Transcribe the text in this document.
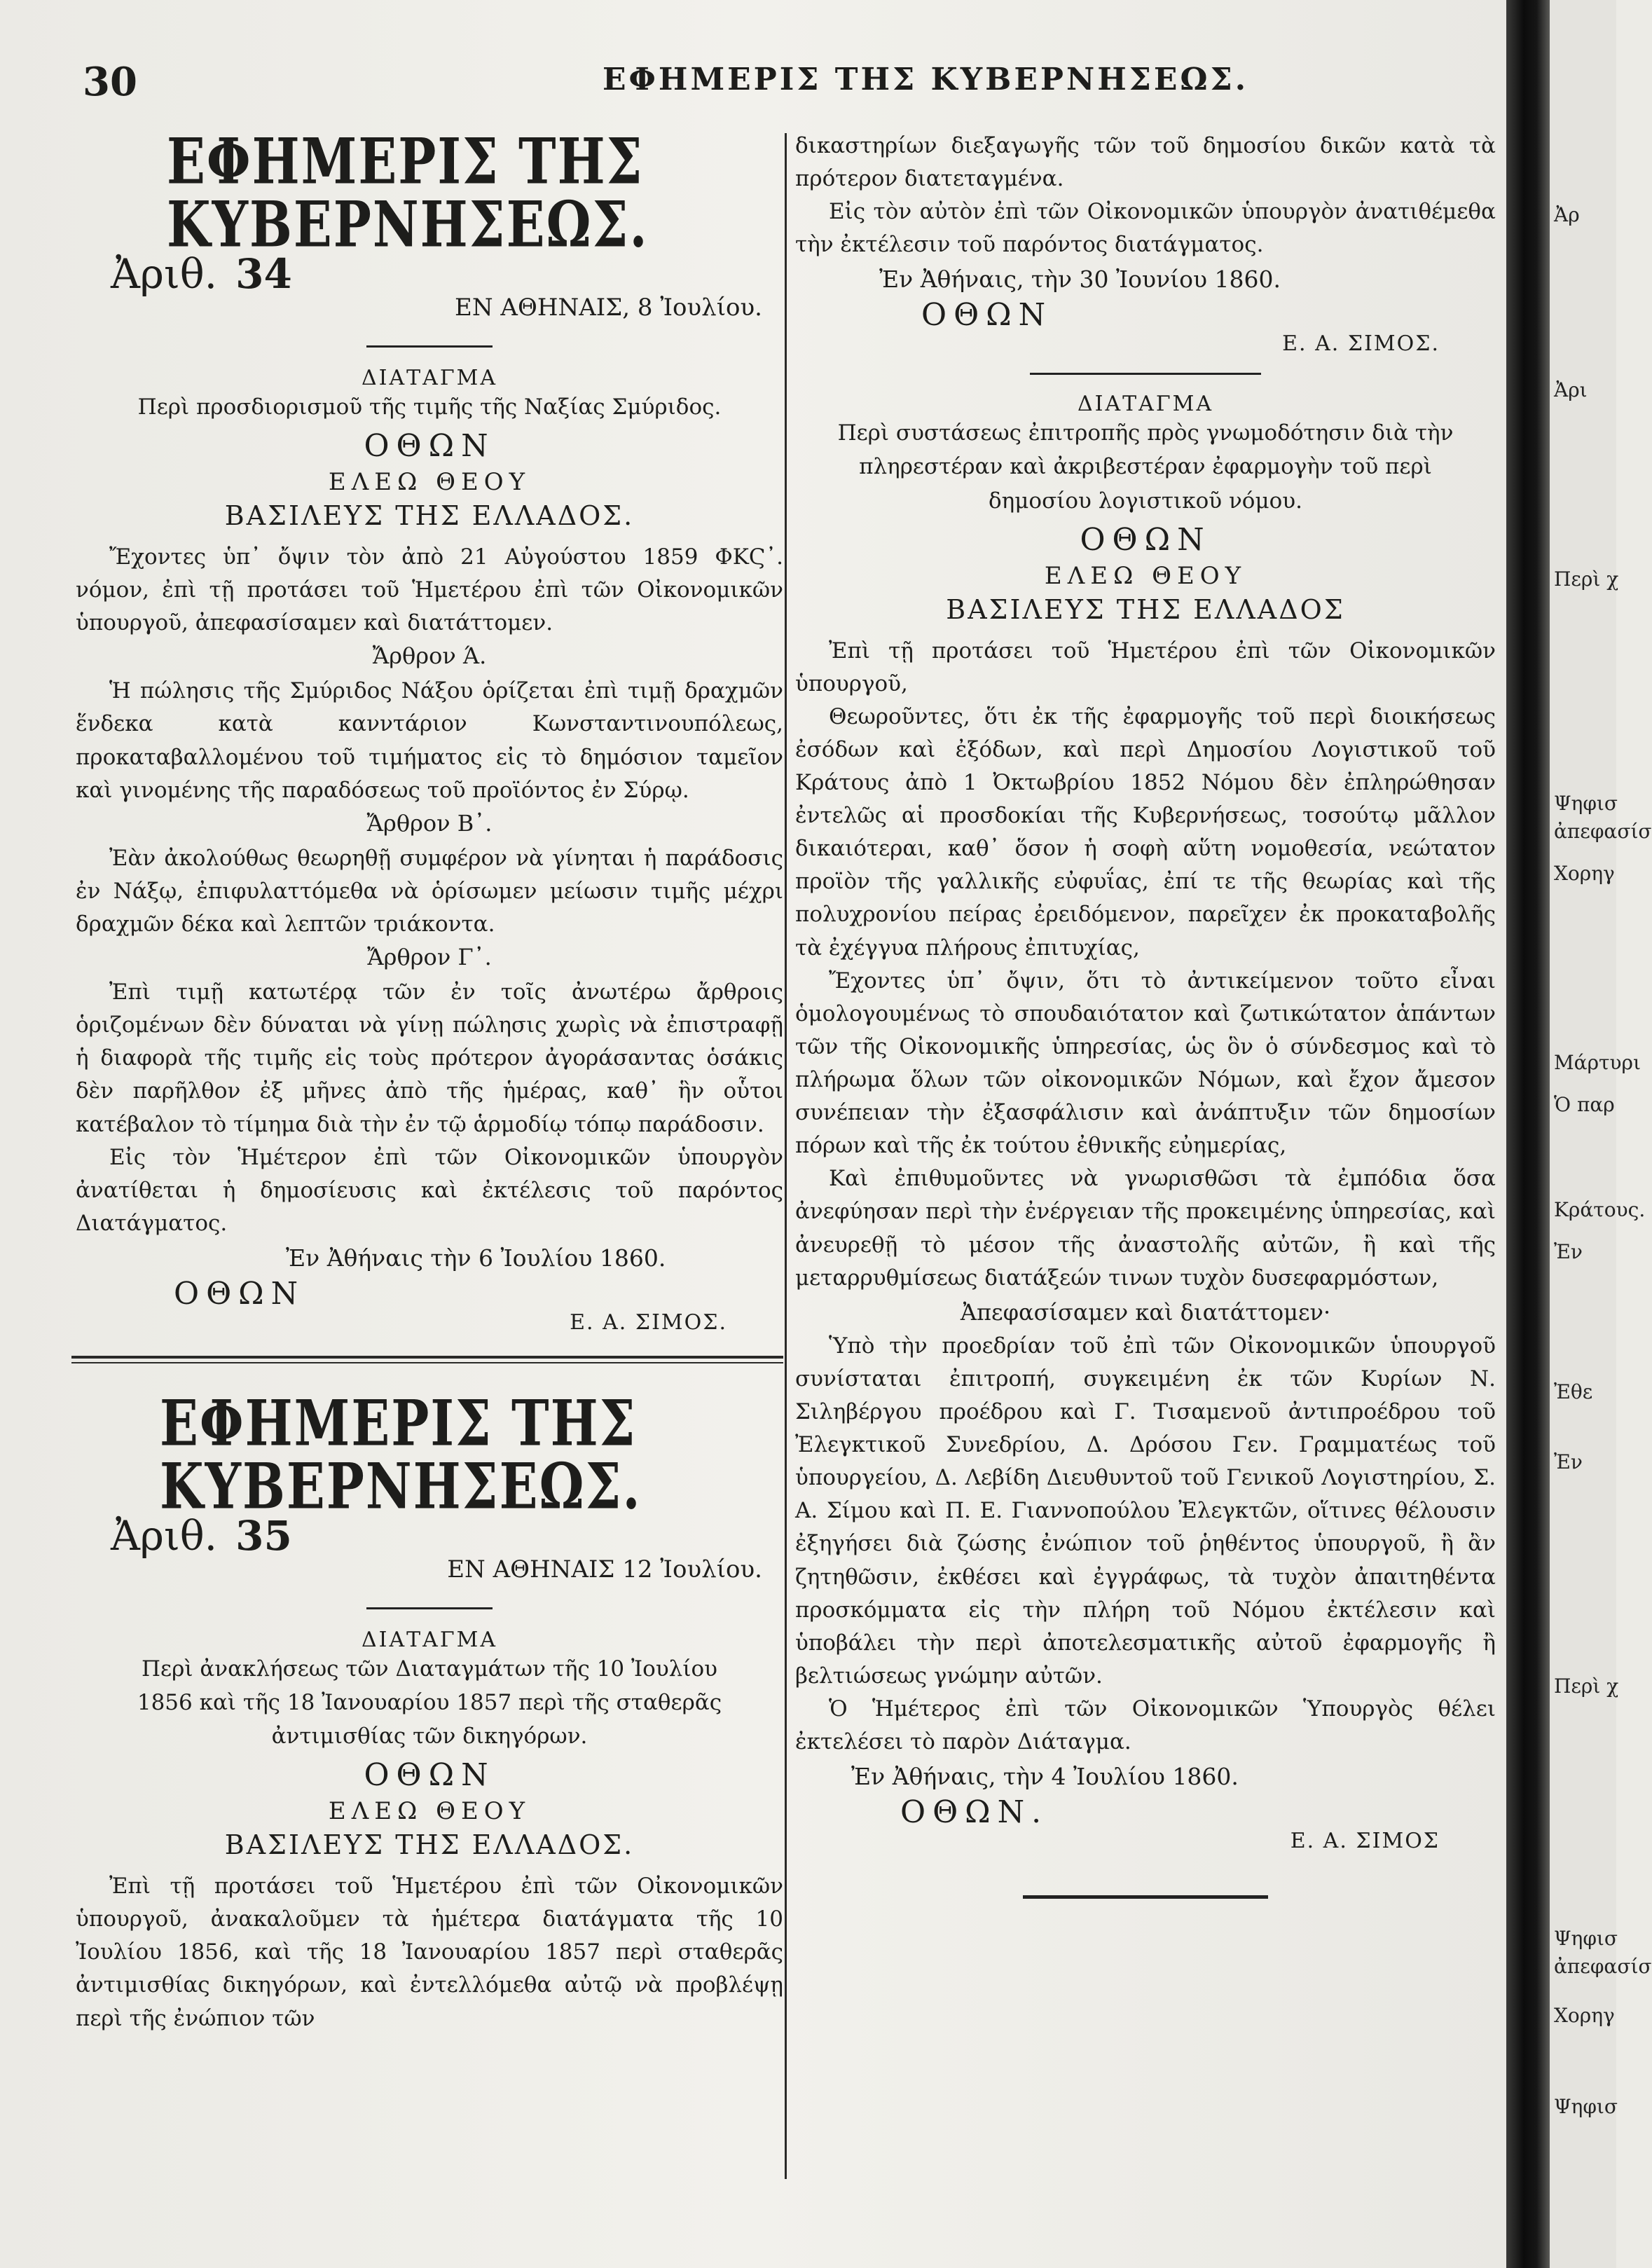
Ἀρ
Ἀρι
Περὶ χ
Ψηφισ
ἀπεφασίσ
Χορηγ
Μάρτυρι
Ὁ παρ
Κράτους.
Ἐν
Ἐθε
Ἐν
Περὶ χ
Ψηφισ
ἀπεφασίσ
Χορηγ
Ψηφισ
30	ΕΦΗΜΕΡΙΣ ΤΗΣ ΚΥΒΕΡΝΗΣΕΩΣ.
ΕΦΗΜΕΡΙΣ ΤΗΣ ΚΥΒΕΡΝΗΣΕΩΣ.
Ἀριθ. 34
ΕΝ ΑΘΗΝΑΙΣ, 8 Ἰουλίου.
ΔΙΑΤΑΓΜΑ
Περὶ προσδιορισμοῦ τῆς τιμῆς τῆς Ναξίας Σμύριδος.
ΟΘΩΝ
ΕΛΕΩ ΘΕΟΥ
ΒΑΣΙΛΕΥΣ ΤΗΣ ΕΛΛΑΔΟΣ.

Ἔχοντες ὑπ᾽ ὄψιν τὸν ἀπὸ 21 Αὐγούστου 1859 ΦΚϚ᾽. νόμον, ἐπὶ τῇ προτάσει τοῦ Ἡμετέρου ἐπὶ τῶν Οἰκονομικῶν ὑπουργοῦ, ἀπεφασίσαμεν καὶ διατάττομεν.

Ἄρθρον Ά.

Ἡ πώλησις τῆς Σμύριδος Νάξου ὁρίζεται ἐπὶ τιμῇ δραχμῶν ἕνδεκα κατὰ κανντάριον Κωνσταντινουπόλεως, προκαταβαλλομένου τοῦ τιμήματος εἰς τὸ δημόσιον ταμεῖον καὶ γινομένης τῆς παραδόσεως τοῦ προϊόντος ἐν Σύρῳ.

Ἄρθρον Β᾽.

Ἐὰν ἀκολούθως θεωρηθῇ συμφέρον νὰ γίνηται ἡ παράδοσις ἐν Νάξῳ, ἐπιφυλαττόμεθα νὰ ὁρίσωμεν μείωσιν τιμῆς μέχρι δραχμῶν δέκα καὶ λεπτῶν τριάκοντα.

Ἄρθρον Γ᾽.

Ἐπὶ τιμῇ κατωτέρᾳ τῶν ἐν τοῖς ἀνωτέρω ἄρθροις ὁριζομένων δὲν δύναται νὰ γίνῃ πώλησις χωρὶς νὰ ἐπιστραφῇ ἡ διαφορὰ τῆς τιμῆς εἰς τοὺς πρότερον ἀγοράσαντας ὁσάκις δὲν παρῆλθον ἐξ μῆνες ἀπὸ τῆς ἡμέρας, καθ᾽ ἣν οὗτοι κατέβαλον τὸ τίμημα διὰ τὴν ἐν τῷ ἁρμοδίῳ τόπῳ παράδοσιν.

Εἰς τὸν Ἡμέτερον ἐπὶ τῶν Οἰκονομικῶν ὑπουργὸν ἀνατίθεται ἡ δημοσίευσις καὶ ἐκτέλεσις τοῦ παρόντος Διατάγματος.

Ἐν Ἀθήναις τὴν 6 Ἰουλίου 1860.
ΟΘΩΝ
Ε. Α. ΣΙΜΟΣ.
ΕΦΗΜΕΡΙΣ ΤΗΣ ΚΥΒΕΡΝΗΣΕΩΣ.
Ἀριθ. 35
ΕΝ ΑΘΗΝΑΙΣ 12 Ἰουλίου.
ΔΙΑΤΑΓΜΑ
Περὶ ἀνακλήσεως τῶν Διαταγμάτων τῆς 10 Ἰουλίου 1856 καὶ τῆς 18 Ἰανουαρίου 1857 περὶ τῆς σταθερᾶς ἀντιμισθίας τῶν δικηγόρων.
ΟΘΩΝ
ΕΛΕΩ ΘΕΟΥ
ΒΑΣΙΛΕΥΣ ΤΗΣ ΕΛΛΑΔΟΣ.

Ἐπὶ τῇ προτάσει τοῦ Ἡμετέρου ἐπὶ τῶν Οἰκονομικῶν ὑπουργοῦ, ἀνακαλοῦμεν τὰ ἡμέτερα διατάγματα τῆς 10 Ἰουλίου 1856, καὶ τῆς 18 Ἰανουαρίου 1857 περὶ σταθερᾶς ἀντιμισθίας δικηγόρων, καὶ ἐντελλόμεθα αὐτῷ νὰ προβλέψῃ περὶ τῆς ἐνώπιον τῶν

δικαστηρίων διεξαγωγῆς τῶν τοῦ δημοσίου δικῶν κατὰ τὰ πρότερον διατεταγμένα.

Εἰς τὸν αὐτὸν ἐπὶ τῶν Οἰκονομικῶν ὑπουργὸν ἀνατιθέμεθα τὴν ἐκτέλεσιν τοῦ παρόντος διατάγματος.

Ἐν Ἀθήναις, τὴν 30 Ἰουνίου 1860.
ΟΘΩΝ
Ε. Α. ΣΙΜΟΣ.
ΔΙΑΤΑΓΜΑ
Περὶ συστάσεως ἐπιτροπῆς πρὸς γνωμοδότησιν διὰ τὴν πληρεστέραν καὶ ἀκριβεστέραν ἐφαρμογὴν τοῦ περὶ δημοσίου λογιστικοῦ νόμου.
ΟΘΩΝ
ΕΛΕΩ ΘΕΟΥ
ΒΑΣΙΛΕΥΣ ΤΗΣ ΕΛΛΑΔΟΣ

Ἐπὶ τῇ προτάσει τοῦ Ἡμετέρου ἐπὶ τῶν Οἰκονομικῶν ὑπουργοῦ,

Θεωροῦντες, ὅτι ἐκ τῆς ἐφαρμογῆς τοῦ περὶ διοικήσεως ἐσόδων καὶ ἐξόδων, καὶ περὶ Δημοσίου Λογιστικοῦ τοῦ Κράτους ἀπὸ 1 Ὀκτωβρίου 1852 Νόμου δὲν ἐπληρώθησαν ἐντελῶς αἱ προσδοκίαι τῆς Κυβερνήσεως, τοσούτῳ μᾶλλον δικαιότεραι, καθ᾽ ὅσον ἡ σοφὴ αὕτη νομοθεσία, νεώτατον προϊὸν τῆς γαλλικῆς εὐφυΐας, ἐπί τε τῆς θεωρίας καὶ τῆς πολυχρονίου πείρας ἐρειδόμενον, παρεῖχεν ἐκ προκαταβολῆς τὰ ἐχέγγυα πλήρους ἐπιτυχίας,

Ἔχοντες ὑπ᾽ ὄψιν, ὅτι τὸ ἀντικείμενον τοῦτο εἶναι ὁμολογουμένως τὸ σπουδαιότατον καὶ ζωτικώτατον ἁπάντων τῶν τῆς Οἰκονομικῆς ὑπηρεσίας, ὡς ὃν ὁ σύνδεσμος καὶ τὸ πλήρωμα ὅλων τῶν οἰκονομικῶν Νόμων, καὶ ἔχον ἄμεσον συνέπειαν τὴν ἐξασφάλισιν καὶ ἀνάπτυξιν τῶν δημοσίων πόρων καὶ τῆς ἐκ τούτου ἐθνικῆς εὐημερίας,

Καὶ ἐπιθυμοῦντες νὰ γνωρισθῶσι τὰ ἐμπόδια ὅσα ἀνεφύησαν περὶ τὴν ἐνέργειαν τῆς προκειμένης ὑπηρεσίας, καὶ ἀνευρεθῇ τὸ μέσον τῆς ἀναστολῆς αὐτῶν, ἢ καὶ τῆς μεταρρυθμίσεως διατάξεών τινων τυχὸν δυσεφαρμόστων,

Ἀπεφασίσαμεν καὶ διατάττομεν·

Ὑπὸ τὴν προεδρίαν τοῦ ἐπὶ τῶν Οἰκονομικῶν ὑπουργοῦ συνίσταται ἐπιτροπή, συγκειμένη ἐκ τῶν Κυρίων Ν. Σιληβέργου προέδρου καὶ Γ. Τισαμενοῦ ἀντιπροέδρου τοῦ Ἐλεγκτικοῦ Συνεδρίου, Δ. Δρόσου Γεν. Γραμματέως τοῦ ὑπουργείου, Δ. Λεβίδη Διευθυντοῦ τοῦ Γενικοῦ Λογιστηρίου, Σ. Α. Σίμου καὶ Π. Ε. Γιαννοπούλου Ἐλεγκτῶν, οἵτινες θέλουσιν ἐξηγήσει διὰ ζώσης ἐνώπιον τοῦ ῥηθέντος ὑπουργοῦ, ἢ ἂν ζητηθῶσιν, ἐκθέσει καὶ ἐγγράφως, τὰ τυχὸν ἀπαιτηθέντα προσκόμματα εἰς τὴν πλήρη τοῦ Νόμου ἐκτέλεσιν καὶ ὑποβάλει τὴν περὶ ἀποτελεσματικῆς αὐτοῦ ἐφαρμογῆς ἢ βελτιώσεως γνώμην αὐτῶν.

Ὁ Ἡμέτερος ἐπὶ τῶν Οἰκονομικῶν Ὑπουργὸς θέλει ἐκτελέσει τὸ παρὸν Διάταγμα.

Ἐν Ἀθήναις, τὴν 4 Ἰουλίου 1860.
ΟΘΩΝ.
Ε. Α. ΣΙΜΟΣ
